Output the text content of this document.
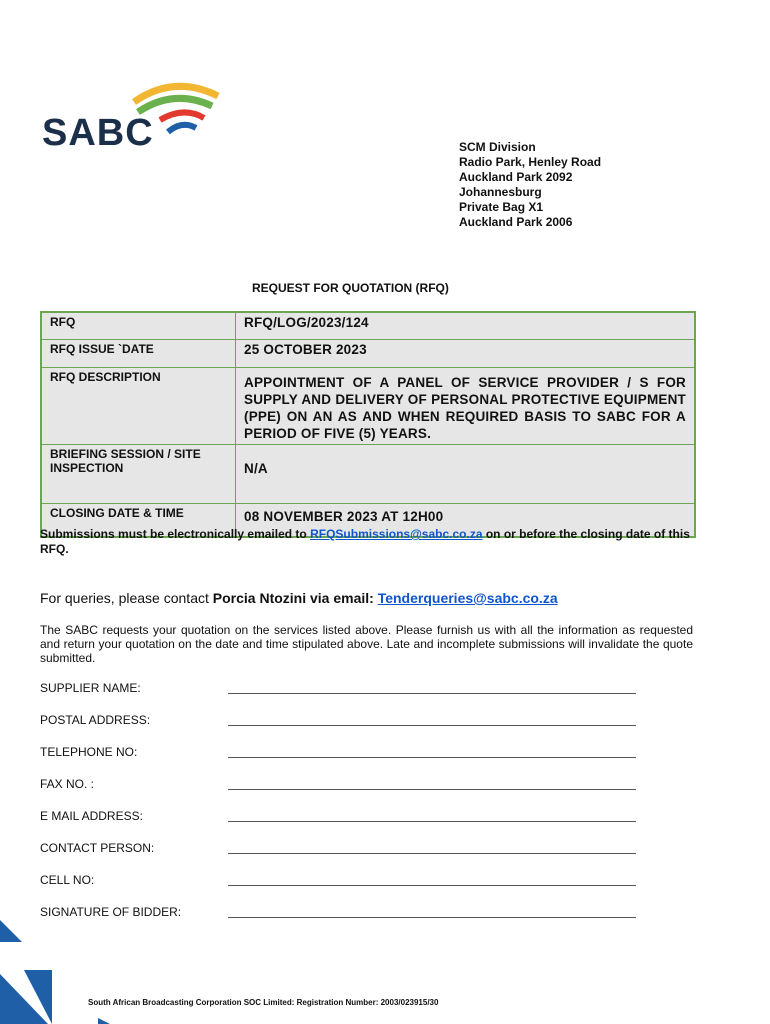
SABC	SCM Division
Radio Park, Henley Road
Auckland Park 2092
Johannesburg
Private Bag X1
Auckland Park 2006
REQUEST FOR QUOTATION (RFQ)
RFQ	RFQ/LOG/2023/124
RFQ ISSUE `DATE	25 OCTOBER 2023
RFQ DESCRIPTION	APPOINTMENT OF A PANEL OF SERVICE PROVIDER / S FOR SUPPLY AND DELIVERY OF PERSONAL PROTECTIVE EQUIPMENT (PPE) ON AN AS AND WHEN REQUIRED BASIS TO SABC FOR A PERIOD OF FIVE (5) YEARS.

BRIEFING SESSION / SITE
INSPECTION	N/A
CLOSING DATE & TIME	08 NOVEMBER 2023 AT 12H00
Submissions must be electronically emailed to RFQSubmissions@sabc.co.za on or before the closing date of this RFQ.
For queries, please contact Porcia Ntozini via email: Tenderqueries@sabc.co.za
The SABC requests your quotation on the services listed above. Please furnish us with all the information as requested and return your quotation on the date and time stipulated above. Late and incomplete submissions will invalidate the quote submitted.
SUPPLIER NAME:
POSTAL ADDRESS:
TELEPHONE NO:
FAX NO. :
E MAIL ADDRESS:
CONTACT PERSON:
CELL NO:
SIGNATURE OF BIDDER:
South African Broadcasting Corporation SOC Limited: Registration Number: 2003/023915/30
